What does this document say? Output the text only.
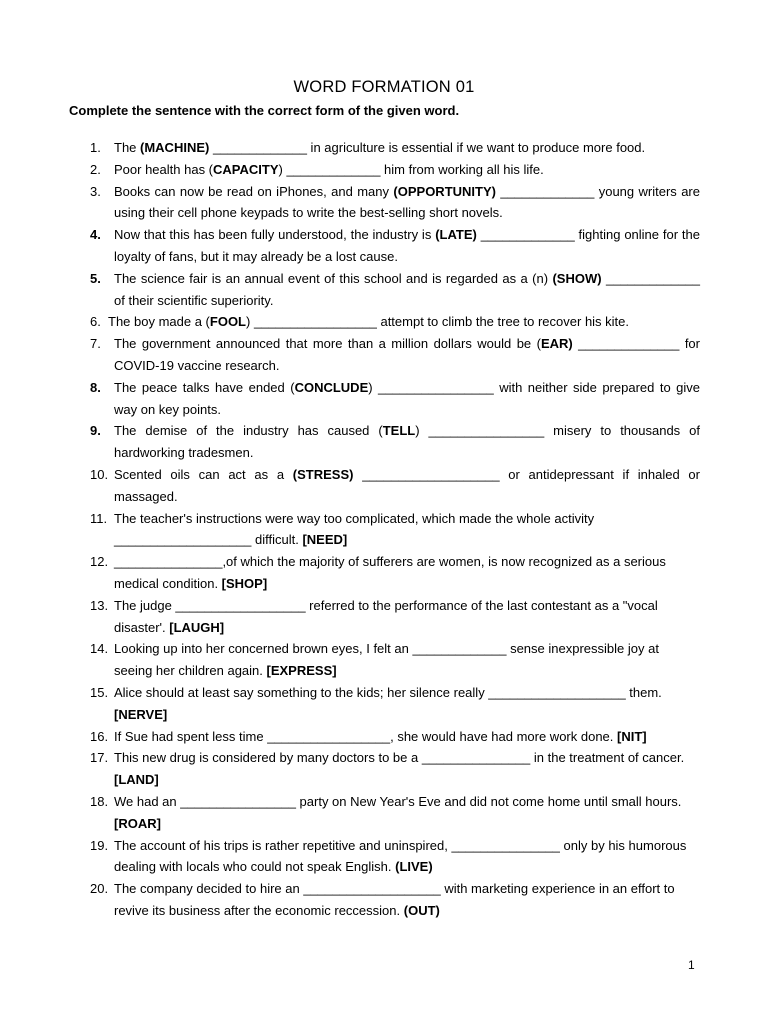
WORD FORMATION 01
Complete the sentence with the correct form of the given word.
1. The (MACHINE) _____________ in agriculture is essential if we want to produce more food.
2. Poor health has (CAPACITY) _____________ him from working all his life.
3. Books can now be read on iPhones, and many (OPPORTUNITY) _____________ young writers are using their cell phone keypads to write the best-selling short novels.
4. Now that this has been fully understood, the industry is (LATE) _____________ fighting online for the loyalty of fans, but it may already be a lost cause.
5. The science fair is an annual event of this school and is regarded as a (n) (SHOW) _____________ of their scientific superiority.
6. The boy made a (FOOL) _________________ attempt to climb the tree to recover his kite.
7. The government announced that more than a million dollars would be (EAR) ______________ for COVID-19 vaccine research.
8. The peace talks have ended (CONCLUDE) ________________ with neither side prepared to give way on key points.
9. The demise of the industry has caused (TELL) ________________ misery to thousands of hardworking tradesmen.
10. Scented oils can act as a (STRESS) ___________________ or antidepressant if inhaled or massaged.
11. The teacher's instructions were way too complicated, which made the whole activity ___________________ difficult. [NEED]
12. _______________,of which the majority of sufferers are women, is now recognized as a serious medical condition. [SHOP]
13. The judge __________________ referred to the performance of the last contestant as a "vocal disaster'. [LAUGH]
14. Looking up into her concerned brown eyes, I felt an _____________ sense inexpressible joy at seeing her children again. [EXPRESS]
15. Alice should at least say something to the kids; her silence really ___________________ them. [NERVE]
16. If Sue had spent less time _________________, she would have had more work done. [NIT]
17. This new drug is considered by many doctors to be a _______________ in the treatment of cancer. [LAND]
18. We had an ________________ party on New Year's Eve and did not come home until small hours. [ROAR]
19. The account of his trips is rather repetitive and uninspired, _______________ only by his humorous dealing with locals who could not speak English. (LIVE)
20. The company decided to hire an ___________________ with marketing experience in an effort to revive its business after the economic reccession. (OUT)
1
